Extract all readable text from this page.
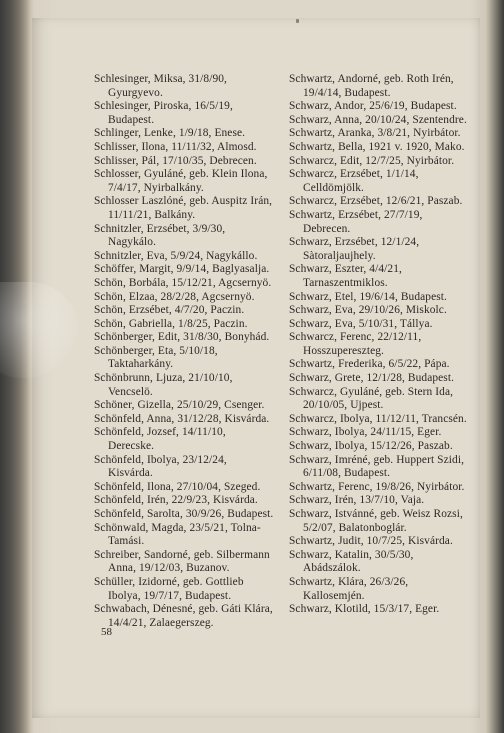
Schlesinger, Miksa, 31/8/90, Gyurgyevo.

Schlesinger, Piroska, 16/5/19, Budapest.

Schlinger, Lenke, 1/9/18, Enese.

Schlisser, Ilona, 11/11/32, Almosd.

Schlisser, Pál, 17/10/35, Debrecen.

Schlosser, Gyuláné, geb. Klein Ilona, 7/4/17, Nyirbalkány.

Schlosser Laszlóné, geb. Auspitz Irán, 11/11/21, Balkány.

Schnitzler, Erzsébet, 3/9/30, Nagykálo.

Schnitzler, Eva, 5/9/24, Nagykállo.

Schöffer, Margit, 9/9/14, Baglyasalja.

Schön, Borbála, 15/12/21, Agcsernyö.

Schön, Elzaa, 28/2/28, Agcsernyö.

Schön, Erzsébet, 4/7/20, Paczin.

Schön, Gabriella, 1/8/25, Paczin.

Schönberger, Edit, 31/8/30, Bonyhád.

Schönberger, Eta, 5/10/18, Taktaharkány.

Schönbrunn, Ljuza, 21/10/10, Vencselö.

Schöner, Gizella, 25/10/29, Csenger.

Schönfeld, Anna, 31/12/28, Kisvárda.

Schönfeld, Jozsef, 14/11/10, Derecske.

Schönfeld, Ibolya, 23/12/24, Kisvárda.

Schönfeld, Ilona, 27/10/04, Szeged.

Schönfeld, Irén, 22/9/23, Kisvárda.

Schönfeld, Sarolta, 30/9/26, Budapest.

Schönwald, Magda, 23/5/21, Tolna-Tamási.

Schreiber, Sandorné, geb. Silbermann Anna, 19/12/03, Buzanov.

Schüller, Izidorné, geb. Gottlieb Ibolya, 19/7/17, Budapest.

Schwabach, Dénesné, geb. Gáti Klára, 14/4/21, Zalaegerszeg.

Schwartz, Andorné, geb. Roth Irén, 19/4/14, Budapest.

Schwarz, Andor, 25/6/19, Budapest.

Schwarz, Anna, 20/10/24, Szentendre.

Schwartz, Aranka, 3/8/21, Nyirbátor.

Schwartz, Bella, 1921 v. 1920, Mako.

Schwarcz, Edit, 12/7/25, Nyirbátor.

Schwarcz, Erzsébet, 1/1/14, Celldömjölk.

Schwarcz, Erzsébet, 12/6/21, Paszab.

Schwartz, Erzsébet, 27/7/19, Debrecen.

Schwarz, Erzsébet, 12/1/24, Sàtoraljaujhely.

Schwarz, Eszter, 4/4/21, Tarnaszentmiklos.

Schwarz, Etel, 19/6/14, Budapest.

Schwarz, Eva, 29/10/26, Miskolc.

Schwarz, Eva, 5/10/31, Tállya.

Schwarcz, Ferenc, 22/12/11, Hosszupereszteg.

Schwartz, Frederika, 6/5/22, Pápa.

Schwarz, Grete, 12/1/28, Budapest.

Schwarcz, Gyuláné, geb. Stern Ida, 20/10/05, Ujpest.

Schwarcz, Ibolya, 11/12/11, Trancsén.

Schwarz, Ibolya, 24/11/15, Eger.

Schwarz, Ibolya, 15/12/26, Paszab.

Schwarz, Imréné, geb. Huppert Szidi, 6/11/08, Budapest.

Schwartz, Ferenc, 19/8/26, Nyirbátor.

Schwarz, Irén, 13/7/10, Vaja.

Schwarz, Istvánné, geb. Weisz Rozsi, 5/2/07, Balatonboglár.

Schwartz, Judit, 10/7/25, Kisvárda.

Schwarz, Katalin, 30/5/30, Abádszálok.

Schwartz, Klára, 26/3/26, Kallosemjén.

Schwarz, Klotild, 15/3/17, Eger.

58
